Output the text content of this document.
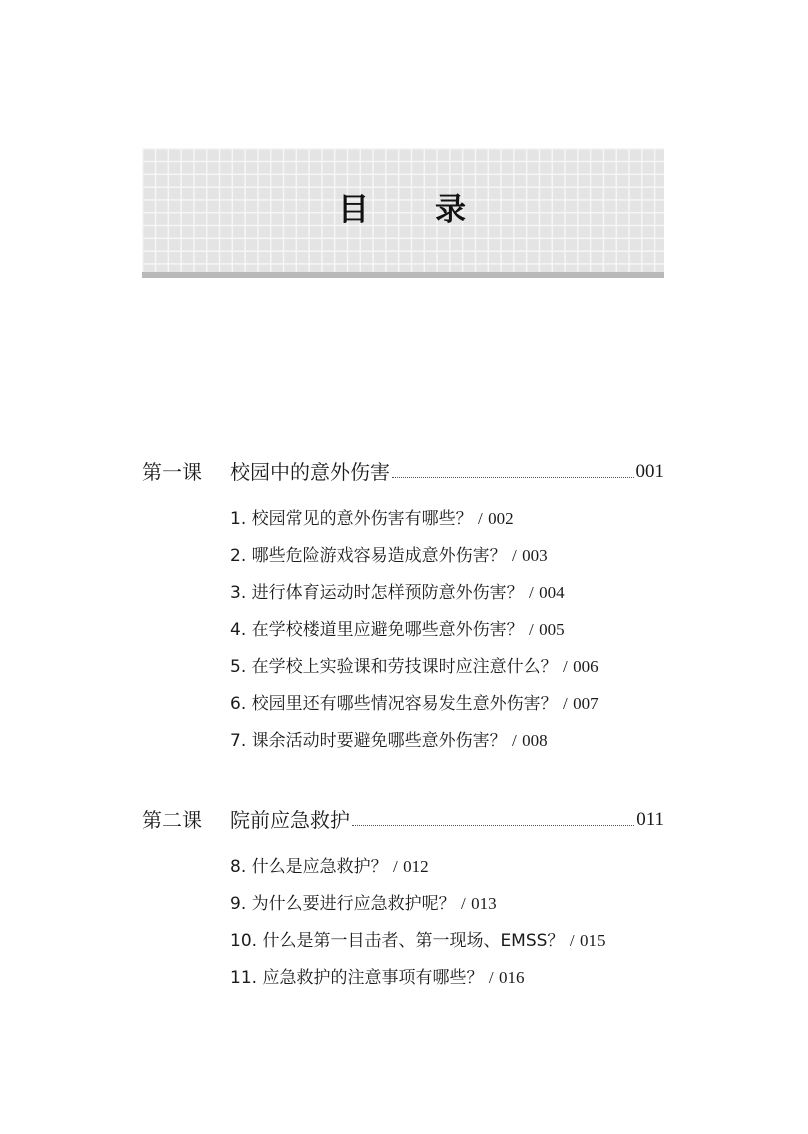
目 录
第一课	校园中的意外伤害	001
1. 校园常见的意外伤害有哪些？ / 002
2. 哪些危险游戏容易造成意外伤害？ / 003
3. 进行体育运动时怎样预防意外伤害？ / 004
4. 在学校楼道里应避免哪些意外伤害？ / 005
5. 在学校上实验课和劳技课时应注意什么？ / 006
6. 校园里还有哪些情况容易发生意外伤害？ / 007
7. 课余活动时要避免哪些意外伤害？ / 008
第二课	院前应急救护	011
8. 什么是应急救护？ / 012
9. 为什么要进行应急救护呢？ / 013
10. 什么是第一目击者、第一现场、EMSS？ / 015
11. 应急救护的注意事项有哪些？ / 016
